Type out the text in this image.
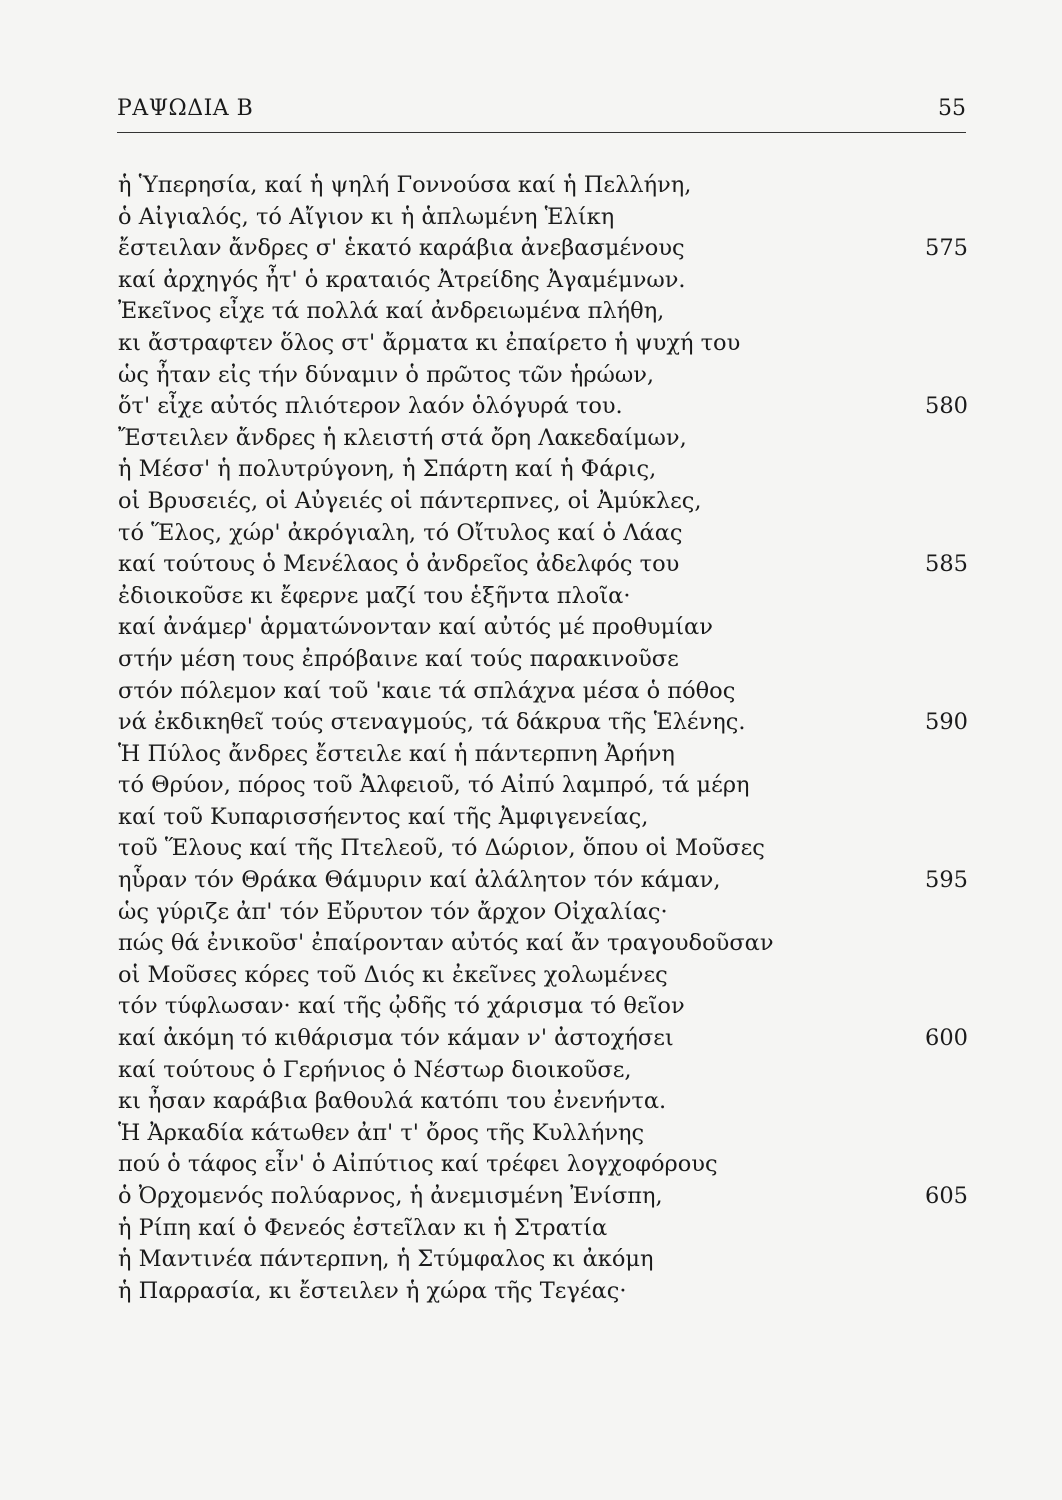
ΡΑΨΩΔΙΑ Β	55
ἡ Ὑπερησία, καί ἡ ψηλή Γοννούσα καί ἡ Πελλήνη,
ὁ Αἰγιαλός, τό Αἴγιον κι ἡ ἁπλωμένη Ἑλίκη
ἔστειλαν ἄνδρες σ' ἑκατό καράβια ἀνεβασμένους	575
καί ἀρχηγός ἦτ' ὁ κραταιός Ἀτρείδης Ἀγαμέμνων.
Ἐκεῖνος εἶχε τά πολλά καί ἀνδρειωμένα πλήθη,
κι ἄστραφτεν ὅλος στ' ἄρματα κι ἐπαίρετο ἡ ψυχή του
ὡς ἦταν εἰς τήν δύναμιν ὁ πρῶτος τῶν ἡρώων,
ὅτ' εἶχε αὐτός πλιότερον λαόν ὁλόγυρά του.	580
Ἔστειλεν ἄνδρες ἡ κλειστή στά ὄρη Λακεδαίμων,
ἡ Μέσσ' ἡ πολυτρύγονη, ἡ Σπάρτη καί ἡ Φάρις,
οἱ Βρυσειές, οἱ Αὐγειές οἱ πάντερπνες, οἱ Ἀμύκλες,
τό Ἕλος, χώρ' ἀκρόγιαλη, τό Οἴτυλος καί ὁ Λάας
καί τούτους ὁ Μενέλαος ὁ ἀνδρεῖος ἀδελφός του	585
ἐδιοικοῦσε κι ἔφερνε μαζί του ἑξῆντα πλοῖα·
καί ἀνάμερ' ἁρματώνονταν καί αὐτός μέ προθυμίαν
στήν μέση τους ἐπρόβαινε καί τούς παρακινοῦσε
στόν πόλεμον καί τοῦ 'καιε τά σπλάχνα μέσα ὁ πόθος
νά ἐκδικηθεῖ τούς στεναγμούς, τά δάκρυα τῆς Ἑλένης.	590
Ἡ Πύλος ἄνδρες ἔστειλε καί ἡ πάντερπνη Ἀρήνη
τό Θρύον, πόρος τοῦ Ἀλφειοῦ, τό Αἰπύ λαμπρό, τά μέρη
καί τοῦ Κυπαρισσήεντος καί τῆς Ἀμφιγενείας,
τοῦ Ἕλους καί τῆς Πτελεοῦ, τό Δώριον, ὅπου οἱ Μοῦσες
ηὗραν τόν Θράκα Θάμυριν καί ἀλάλητον τόν κάμαν,	595
ὡς γύριζε ἀπ' τόν Εὔρυτον τόν ἄρχον Οἰχαλίας·
πώς θά ἐνικοῦσ' ἐπαίρονταν αὐτός καί ἄν τραγουδοῦσαν
οἱ Μοῦσες κόρες τοῦ Διός κι ἐκεῖνες χολωμένες
τόν τύφλωσαν· καί τῆς ᾠδῆς τό χάρισμα τό θεῖον
καί ἀκόμη τό κιθάρισμα τόν κάμαν ν' ἀστοχήσει	600
καί τούτους ὁ Γερήνιος ὁ Νέστωρ διοικοῦσε,
κι ἦσαν καράβια βαθουλά κατόπι του ἐνενήντα.
Ἡ Ἀρκαδία κάτωθεν ἀπ' τ' ὄρος τῆς Κυλλήνης
πού ὁ τάφος εἶν' ὁ Αἰπύτιος καί τρέφει λογχοφόρους
ὁ Ὀρχομενός πολύαρνος, ἡ ἀνεμισμένη Ἐνίσπη,	605
ἡ Ρίπη καί ὁ Φενεός ἐστεῖλαν κι ἡ Στρατία
ἡ Μαντινέα πάντερπνη, ἡ Στύμφαλος κι ἀκόμη
ἡ Παρρασία, κι ἔστειλεν ἡ χώρα τῆς Τεγέας·
